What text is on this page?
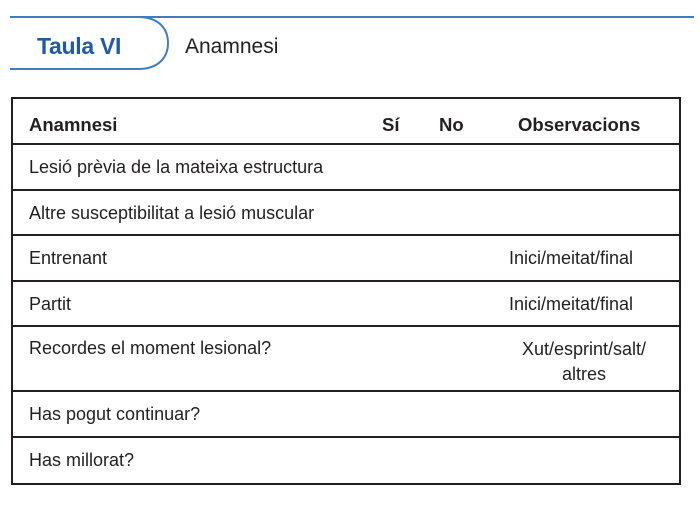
Taula VI	Anamnesi
Anamnesi	Sí No	Observacions
Lesió prèvia de la mateixa estructura
Altre susceptibilitat a lesió muscular
Entrenant	Inici/meitat/final
Partit	Inici/meitat/final
Recordes el moment lesional?	Xut/esprint/salt/ altres
Has pogut continuar?
Has millorat?
